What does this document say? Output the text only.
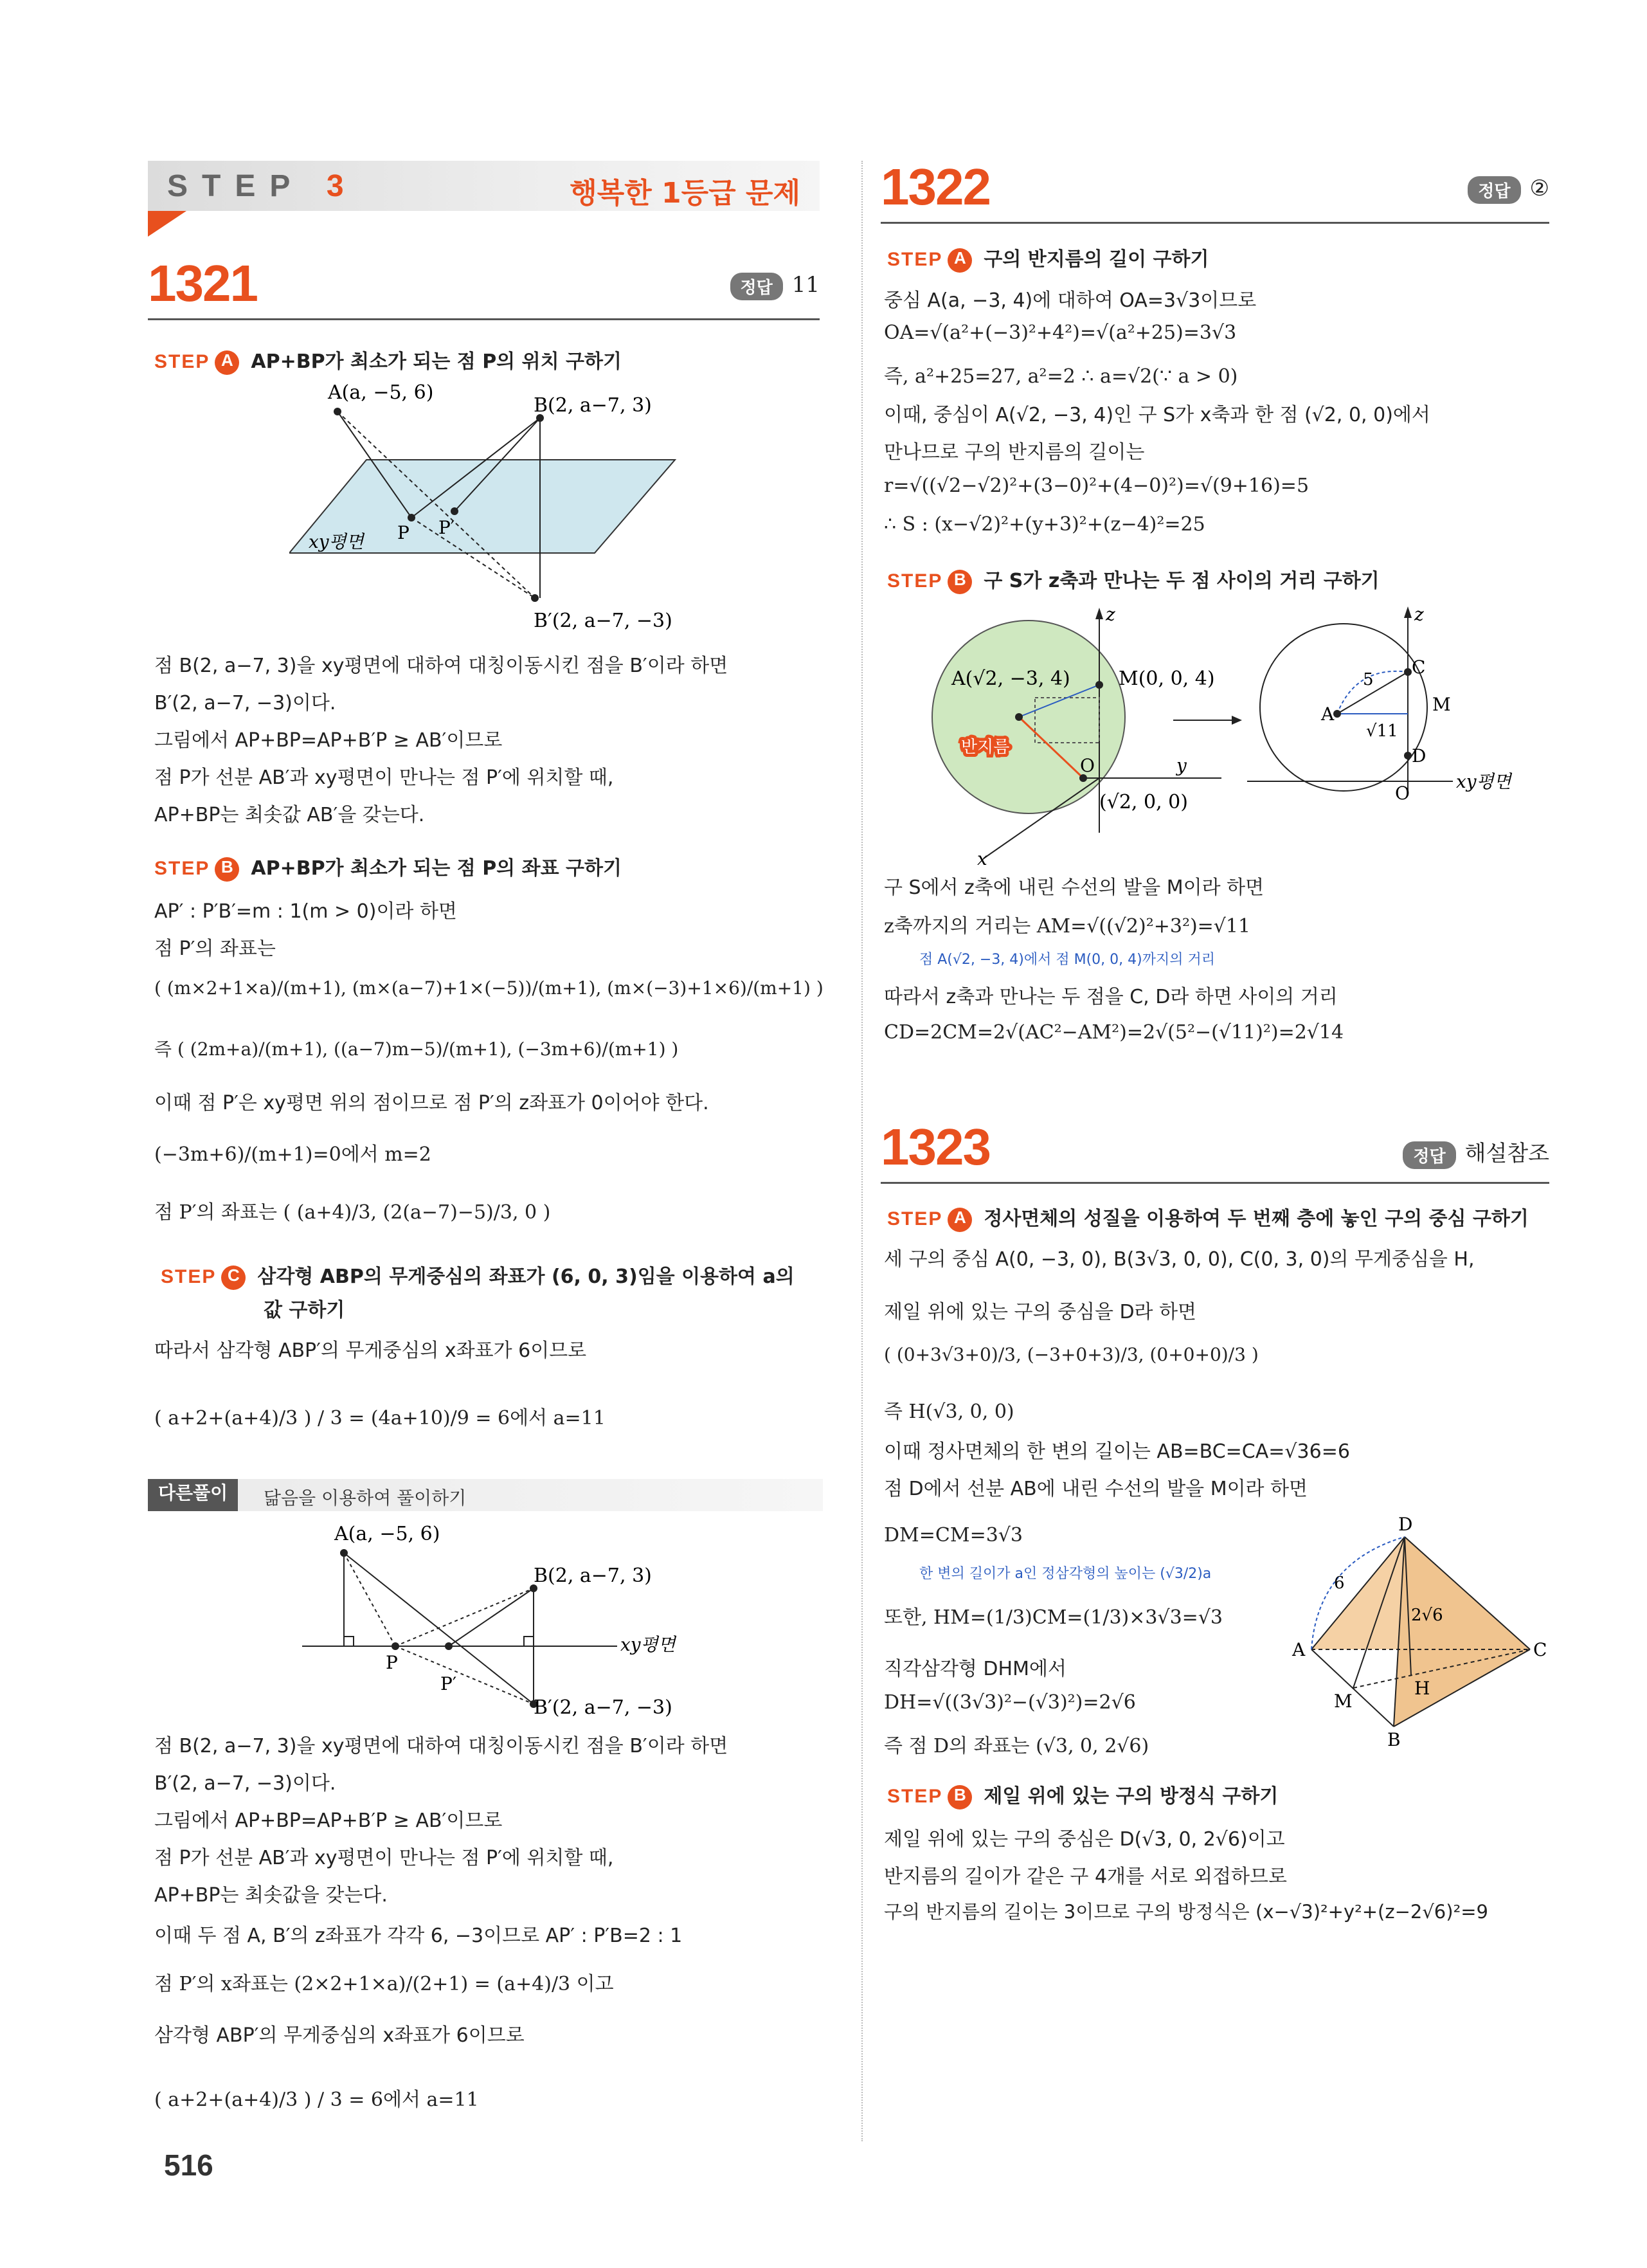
STEP 3	행복한 1등급 문제
1321	정답 11
STEP A AP+BP가 최소가 되는 점 P의 위치 구하기
A(a, −5, 6)
B(2, a−7, 3)
B′(2, a−7, −3)
P P′
xy평면
점 B(2, a−7, 3)을 xy평면에 대하여 대칭이동시킨 점을 B′이라 하면
B′(2, a−7, −3)이다.
그림에서 AP+BP=AP+B′P ≥ AB′이므로
점 P가 선분 AB′과 xy평면이 만나는 점 P′에 위치할 때,
AP+BP는 최솟값 AB′을 갖는다.
STEP B AP+BP가 최소가 되는 점 P의 좌표 구하기
AP′ : P′B′=m : 1(m > 0)이라 하면
점 P′의 좌표는
( (m×2+1×a)/(m+1), (m×(a−7)+1×(−5))/(m+1), (m×(−3)+1×6)/(m+1) )
즉 ( (2m+a)/(m+1), ((a−7)m−5)/(m+1), (−3m+6)/(m+1) )
이때 점 P′은 xy평면 위의 점이므로 점 P′의 z좌표가 0이어야 한다.
(−3m+6)/(m+1)=0에서 m=2
점 P′의 좌표는 ( (a+4)/3, (2(a−7)−5)/3, 0 )
STEP C 삼각형 ABP의 무게중심의 좌표가 (6, 0, 3)임을 이용하여 a의
값 구하기
따라서 삼각형 ABP′의 무게중심의 x좌표가 6이므로
( a+2+(a+4)/3 ) / 3 = (4a+10)/9 = 6에서 a=11
다른풀이	닮음을 이용하여 풀이하기
A(a, −5, 6)
B(2, a−7, 3)
B′(2, a−7, −3)
P
P′
xy평면
점 B(2, a−7, 3)을 xy평면에 대하여 대칭이동시킨 점을 B′이라 하면
B′(2, a−7, −3)이다.
그림에서 AP+BP=AP+B′P ≥ AB′이므로
점 P가 선분 AB′과 xy평면이 만나는 점 P′에 위치할 때,
AP+BP는 최솟값을 갖는다.
이때 두 점 A, B′의 z좌표가 각각 6, −3이므로 AP′ : P′B=2 : 1
점 P′의 x좌표는 (2×2+1×a)/(2+1) = (a+4)/3 이고
삼각형 ABP′의 무게중심의 x좌표가 6이므로
( a+2+(a+4)/3 ) / 3 = 6에서 a=11
516
1322	정답 ②
STEP A 구의 반지름의 길이 구하기
중심 A(a, −3, 4)에 대하여 OA=3√3이므로
OA=√(a²+(−3)²+4²)=√(a²+25)=3√3
즉, a²+25=27, a²=2 ∴ a=√2(∵ a > 0)
이때, 중심이 A(√2, −3, 4)인 구 S가 x축과 한 점 (√2, 0, 0)에서
만나므로 구의 반지름의 길이는
r=√((√2−√2)²+(3−0)²+(4−0)²)=√(9+16)=5
∴ S : (x−√2)²+(y+3)²+(z−4)²=25
STEP B 구 S가 z축과 만나는 두 점 사이의 거리 구하기
A(√2, −3, 4)	M(0, 0, 4)
반지름
z
y
x
O
(√2, 0, 0)
z
A
C
D
M
O
5
√11
xy평면
구 S에서 z축에 내린 수선의 발을 M이라 하면
z축까지의 거리는 AM=√((√2)²+3²)=√11
점 A(√2, −3, 4)에서 점 M(0, 0, 4)까지의 거리
따라서 z축과 만나는 두 점을 C, D라 하면 사이의 거리
CD=2CM=2√(AC²−AM²)=2√(5²−(√11)²)=2√14
1323	정답 해설참조
STEP A 정사면체의 성질을 이용하여 두 번째 층에 놓인 구의 중심 구하기
세 구의 중심 A(0, −3, 0), B(3√3, 0, 0), C(0, 3, 0)의 무게중심을 H,
제일 위에 있는 구의 중심을 D라 하면
( (0+3√3+0)/3, (−3+0+3)/3, (0+0+0)/3 )
즉 H(√3, 0, 0)
이때 정사면체의 한 변의 길이는 AB=BC=CA=√36=6
점 D에서 선분 AB에 내린 수선의 발을 M이라 하면
DM=CM=3√3
한 변의 길이가 a인 정삼각형의 높이는 (√3/2)a
또한, HM=(1/3)CM=(1/3)×3√3=√3
직각삼각형 DHM에서
DH=√((3√3)²−(√3)²)=2√6
즉 점 D의 좌표는 (√3, 0, 2√6)
D
A	C
B
M
H
6
2√6
STEP B 제일 위에 있는 구의 방정식 구하기
제일 위에 있는 구의 중심은 D(√3, 0, 2√6)이고
반지름의 길이가 같은 구 4개를 서로 외접하므로
구의 반지름의 길이는 3이므로 구의 방정식은 (x−√3)²+y²+(z−2√6)²=9
